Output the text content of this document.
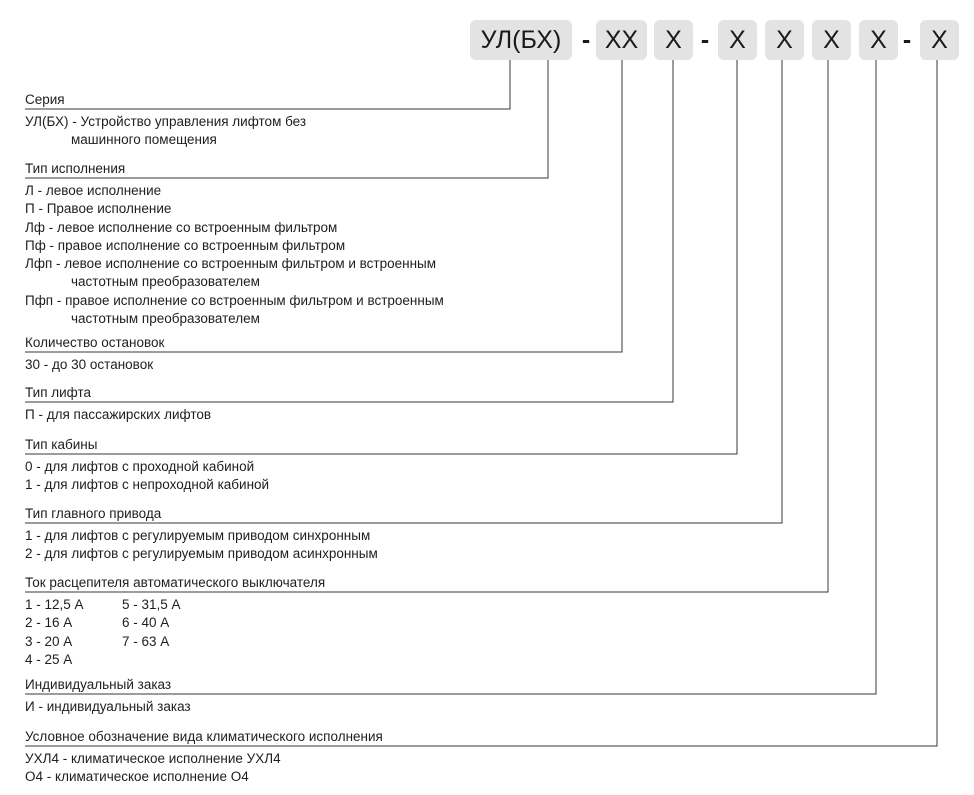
УЛ(БХ) - XX	X - X	X	X	X - X
Серия
УЛ(БХ) - Устройство управления лифтом без
машинного помещения
Тип исполнения
Л - левое исполнение
П - Правое исполнение
Лф - левое исполнение со встроенным фильтром
Пф - правое исполнение со встроенным фильтром
Лфп - левое исполнение со встроенным фильтром и встроенным
частотным преобразователем
Пфп - правое исполнение со встроенным фильтром и встроенным
частотным преобразователем
Количество остановок
30 - до 30 остановок
Тип лифта
П - для пассажирских лифтов
Тип кабины
0 - для лифтов с проходной кабиной
1 - для лифтов с непроходной кабиной
Тип главного привода
1 - для лифтов с регулируемым приводом синхронным
2 - для лифтов с регулируемым приводом асинхронным
Ток расцепителя автоматического выключателя
1 - 12,5 А	5 - 31,5 А
2 - 16 А	6 - 40 А
3 - 20 А	7 - 63 А
4 - 25 А
Индивидуальный заказ
И - индивидуальный заказ
Условное обозначение вида климатического исполнения
УХЛ4 - климатическое исполнение УХЛ4
О4 - климатическое исполнение О4
